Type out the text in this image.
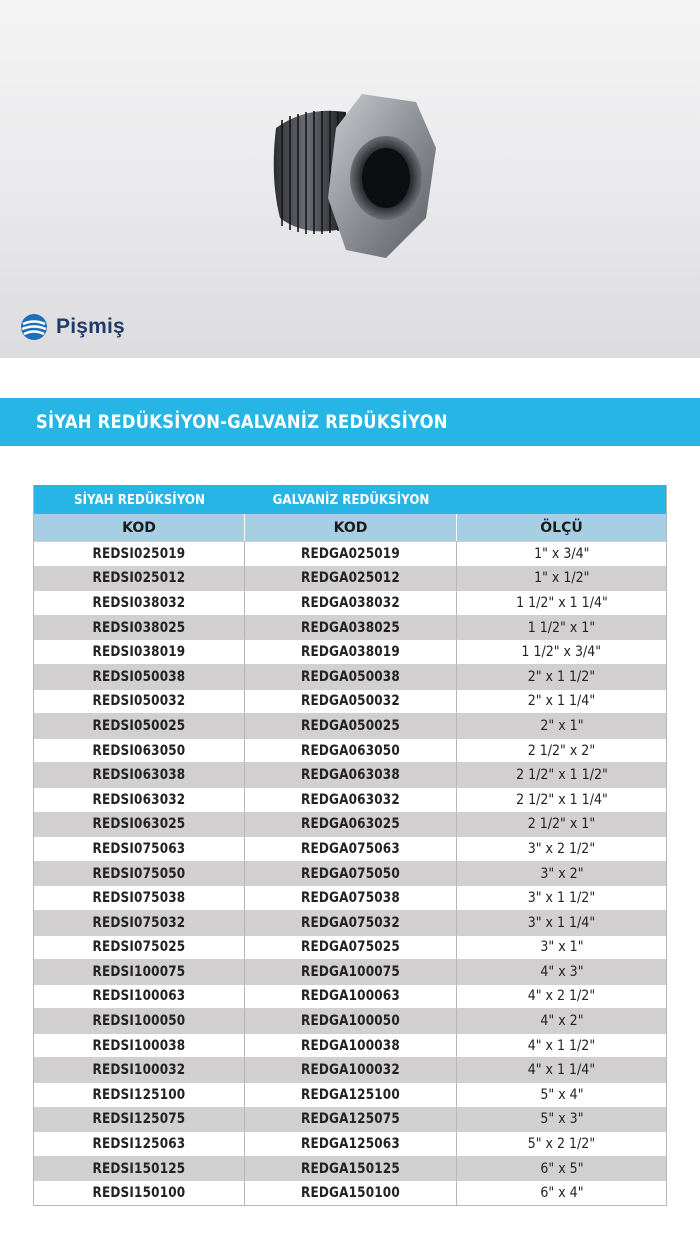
Pişmiş
SİYAH REDÜKSİYON-GALVANİZ REDÜKSİYON
SİYAH REDÜKSİYON	GALVANİZ REDÜKSİYON
KOD	KOD	ÖLÇÜ
REDSI025019	REDGA025019	1" x 3/4"
REDSI025012	REDGA025012	1" x 1/2"
REDSI038032	REDGA038032	1 1/2" x 1 1/4"
REDSI038025	REDGA038025	1 1/2" x 1"
REDSI038019	REDGA038019	1 1/2" x 3/4"
REDSI050038	REDGA050038	2" x 1 1/2"
REDSI050032	REDGA050032	2" x 1 1/4"
REDSI050025	REDGA050025	2" x 1"
REDSI063050	REDGA063050	2 1/2" x 2"
REDSI063038	REDGA063038	2 1/2" x 1 1/2"
REDSI063032	REDGA063032	2 1/2" x 1 1/4"
REDSI063025	REDGA063025	2 1/2" x 1"
REDSI075063	REDGA075063	3" x 2 1/2"
REDSI075050	REDGA075050	3" x 2"
REDSI075038	REDGA075038	3" x 1 1/2"
REDSI075032	REDGA075032	3" x 1 1/4"
REDSI075025	REDGA075025	3" x 1"
REDSI100075	REDGA100075	4" x 3"
REDSI100063	REDGA100063	4" x 2 1/2"
REDSI100050	REDGA100050	4" x 2"
REDSI100038	REDGA100038	4" x 1 1/2"
REDSI100032	REDGA100032	4" x 1 1/4"
REDSI125100	REDGA125100	5" x 4"
REDSI125075	REDGA125075	5" x 3"
REDSI125063	REDGA125063	5" x 2 1/2"
REDSI150125	REDGA150125	6" x 5"
REDSI150100	REDGA150100	6" x 4"
